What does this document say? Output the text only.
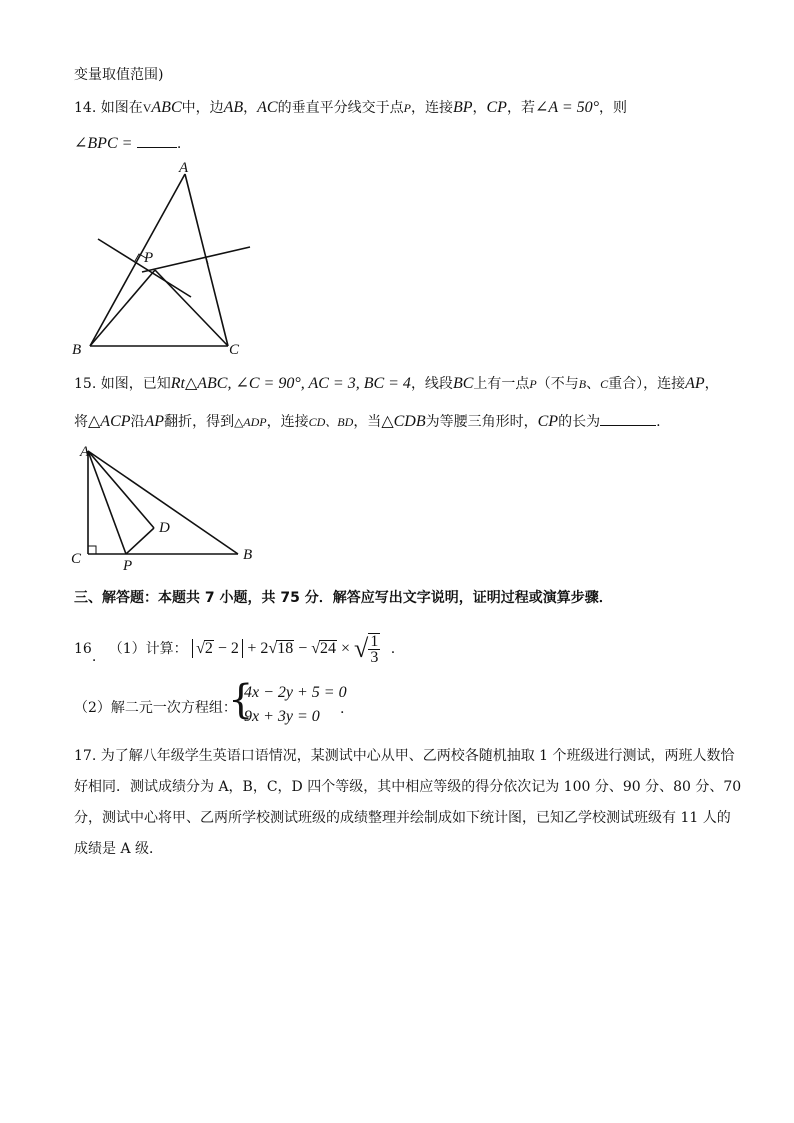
变量取值范围)
14. 如图在VABC中，边AB，AC的垂直平分线交于点P，连接BP，CP，若∠A = 50°，则
∠BPC =	.
A
B	C
P
15. 如图，已知Rt△ABC, ∠C = 90°, AC = 3, BC = 4，线段BC上有一点P（不与B、C重合），连接AP，
将△ACP沿AP翻折，得到△ADP，连接CD、BD，当△CDB为等腰三角形时，CP的长为	.
A
C	B
D
P
三、解答题：本题共 7 小题，共 75 分．解答应写出文字说明，证明过程或演算步骤．
16. （1）计算： √2 − 2 + 2√18 − √24 × √ $\frac{1}{3}$ .
（2）解二元一次方程组：
{
4x − 2y + 5 = 0
9x + 3y = 0 .
17. 为了解八年级学生英语口语情况，某测试中心从甲、乙两校各随机抽取 1 个班级进行测试，两班人数恰
好相同．测试成绩分为 A，B，C，D 四个等级，其中相应等级的得分依次记为 100 分、90 分、80 分、70
分，测试中心将甲、乙两所学校测试班级的成绩整理并绘制成如下统计图，已知乙学校测试班级有 11 人的
成绩是 A 级．
